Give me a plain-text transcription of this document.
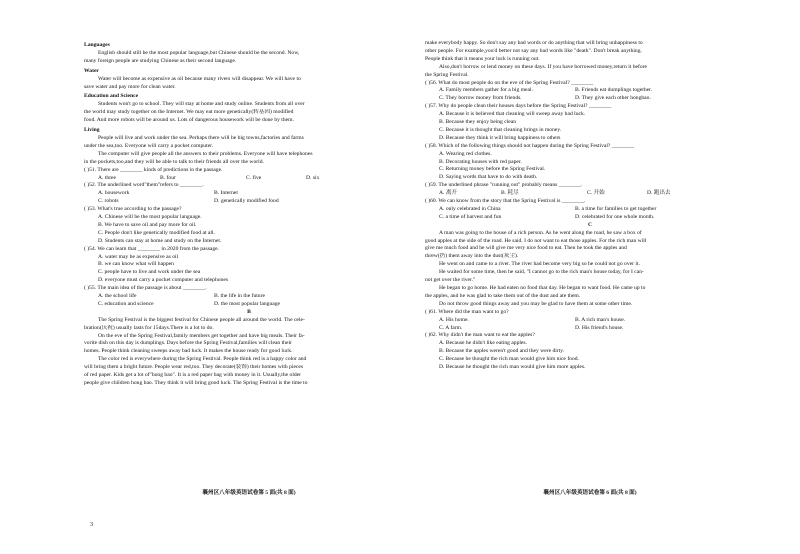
Languages
English should still be the most popular language,but Chinese should be the second. Now,
many foreign people are studying Chinese as their second language.
Water
Water will become as expensive as oil because many rivers will disappear. We will have to
save water and pay more for clean water.
Education and Science
Students won't go to school. They will stay at home and study online. Students from all over
the world may study together on the Internet. We may eat more genetically(转基因) modified
food. And more robots will be around us. Lots of dangerous housework will be done by them.
Living
People will live and work under the sea. Perhaps there will be big towns,factories and farms
under the sea,too. Everyone will carry a pocket computer.
The computer will give people all the answers to their problems. Everyone will have telephones
in the pockets,too,and they will be able to talk to their friends all over the world.
( )51. There are ________ kinds of predictions in the passage.
A. three	B. four	C. five	D. six
( )52. The underlined word"them"refers to ________.
A. housework	B. Internet
C. robots	D. genetically modified food
( )53. What's true according to the passage?
A. Chinese will be the most popular language.
B. We have to save oil and pay more for oil.
C. People don't like genetically modified food at all.
D. Students can stay at home and study on the Internet.
( )54. We can learn that ________ in 2020 from the passage.
A. water may be as expensive as oil
B. we can know what will happen
C. people have to live and work under the sea
D. everyone must carry a pocket computer and telephones
( )55. The main idea of the passage is about ________.
A. the school life	B. the life in the future
C. education and science	D. the most popular language
B
The Spring Festival is the biggest festival for Chinese people all around the world. The cele-
bration(庆祝) usually lasts for 15days.There is a lot to do.
On the eve of the Spring Festival,family members get together and have big meals. Their fa-
vorite dish on this day is dumplings. Days before the Spring Festival,families will clean their
homes. People think cleaning sweeps away bad luck. It makes the house ready for good luck.
The color red is everywhere during the Spring Festival. People think red is a happy color and
will bring them a bright future. People wear red,too. They decorate(装饰) their homes with pieces
of red paper. Kids get a lot of"hong bao". It is a red paper bag with money in it. Usually,the older
people give children hong bao. They think it will bring good luck. The Spring Festival is the time to
make everybody happy. So don't say any bad words or do anything that will bring unhappiness to
other people. For example,you'd better not say any bad words like "death". Don't break anything.
People think that it means your luck is running out.
Also,don't borrow or lend money on these days. If you have borrowed money,return it before
the Spring Festival.
( )56. What do most people do on the eve of the Spring Festival? ________
A. Family members gather for a big meal.	B. Friends eat dumplings together.
C. They borrow money from friends.	D. They give each other hongbao.
( )57. Why do people clean their houses days before the Spring Festival? ________
A. Because it is believed that cleaning will sweep away bad luck.
B. Because they enjoy being clean
C. Because it is thought that cleaning brings in money.
D. Because they think it will bring happiness to others
( )58. Which of the following things should not happen during the Spring Festival? ________
A. Wearing red clothes.
B. Decorating houses with red paper.
C. Returning money before the Spring Festival.
D. Saying words that have to do with death.
( )59. The underlined phrase "running out" probably means ________.
A. 离开	B. 耗尽	C. 开始	D. 跑出去
( )60. We can know from the story that the Spring Festival is ________.
A. only celebrated in China	B. a time for families to get together
C. a time of harvest and fun	D. celebrated for one whole month.
C
A man was going to the house of a rich person. As he went along the road, he saw a box of
good apples at the side of the road. He said. I do not want to eat those apples. For the rich man will
give me much food and he will give me very nice food to eat. Then he took the apples and
threw(扔) them away into the dust(灰尘).
He went on and came to a river. The river had become very big so he could not go over it.
He waited for some time, then he said, "I cannot go to the rich man's house today, for I can-
not get over the river."
He began to go home. He had eaten no food that day. He began to want food. He came up to
the apples, and he was glad to take them out of the dust and ate them.
Do not throw good things away and you may be glad to have them at some other time.
( )61. Where did the man want to go?
A. His home.	B. A rich man's house.
C. A farm.	D. His friend's house.
( )62. Why didn't the man want to eat the apples?
A. Because he didn't like eating apples.
B. Because the apples weren't good and they were dirty.
C. Because he thought the rich man would give him nice food.
D. Because he thought the rich man would give him more apples.
襄州区八年级英语试卷第 5 面(共 8 面)	襄州区八年级英语试卷第 6 面(共 8 面)
3
